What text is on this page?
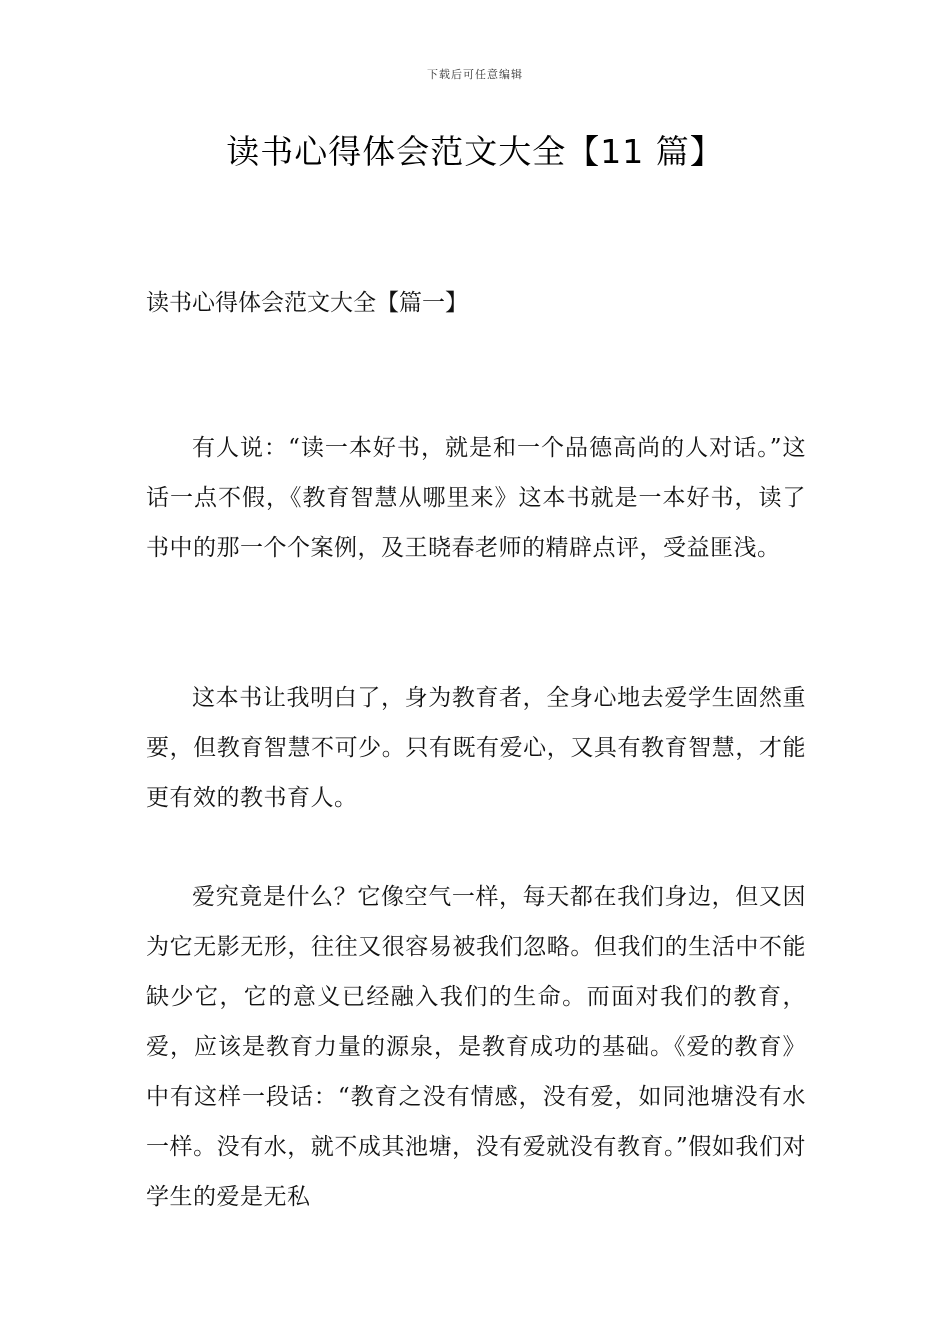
下载后可任意编辑
读书心得体会范文大全【11 篇】
读书心得体会范文大全【篇一】

有人说：“读一本好书，就是和一个品德高尚的人对话。”这话一点不假，《教育智慧从哪里来》这本书就是一本好书，读了书中的那一个个案例，及王晓春老师的精辟点评，受益匪浅。

这本书让我明白了，身为教育者，全身心地去爱学生固然重要，但教育智慧不可少。只有既有爱心，又具有教育智慧，才能更有效的教书育人。

爱究竟是什么？它像空气一样，每天都在我们身边，但又因为它无影无形，往往又很容易被我们忽略。但我们的生活中不能缺少它，它的意义已经融入我们的生命。而面对我们的教育，爱，应该是教育力量的源泉，是教育成功的基础。《爱的教育》中有这样一段话：“教育之没有情感，没有爱，如同池塘没有水一样。没有水，就不成其池塘，没有爱就没有教育。”假如我们对学生的爱是无私
